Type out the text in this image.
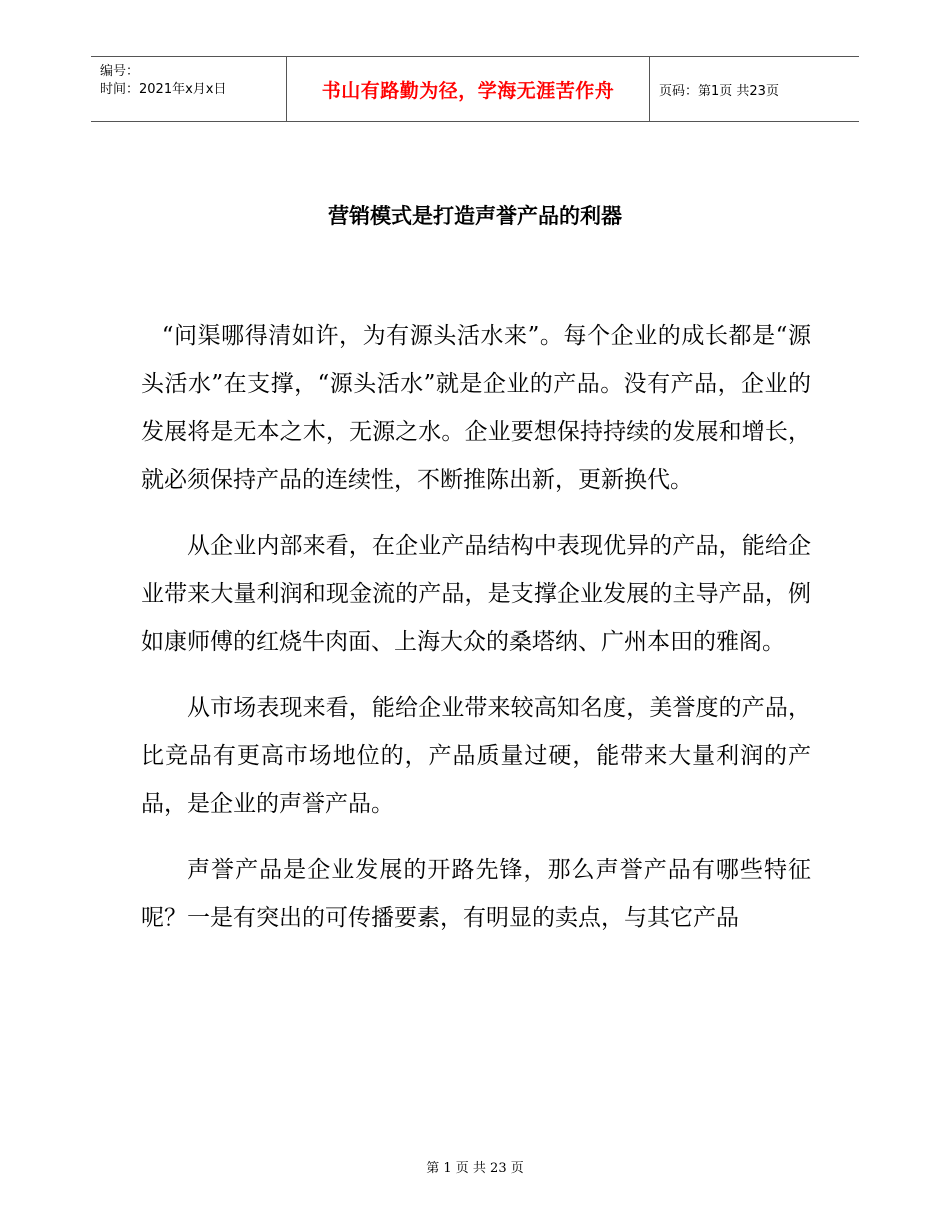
编号：
时间：2021年x月x日	书山有路勤为径，学海无涯苦作舟	页码：第1页 共23页
营销模式是打造声誉产品的利器

“问渠哪得清如许，为有源头活水来”。每个企业的成长都是“源头活水”在支撑，“源头活水”就是企业的产品。没有产品，企业的发展将是无本之木，无源之水。企业要想保持持续的发展和增长，就必须保持产品的连续性，不断推陈出新，更新换代。

从企业内部来看，在企业产品结构中表现优异的产品，能给企业带来大量利润和现金流的产品，是支撑企业发展的主导产品，例如康师傅的红烧牛肉面、上海大众的桑塔纳、广州本田的雅阁。

从市场表现来看，能给企业带来较高知名度，美誉度的产品，比竞品有更高市场地位的，产品质量过硬，能带来大量利润的产品，是企业的声誉产品。

声誉产品是企业发展的开路先锋，那么声誉产品有哪些特征呢？一是有突出的可传播要素，有明显的卖点，与其它产品

第 1 页 共 23 页
